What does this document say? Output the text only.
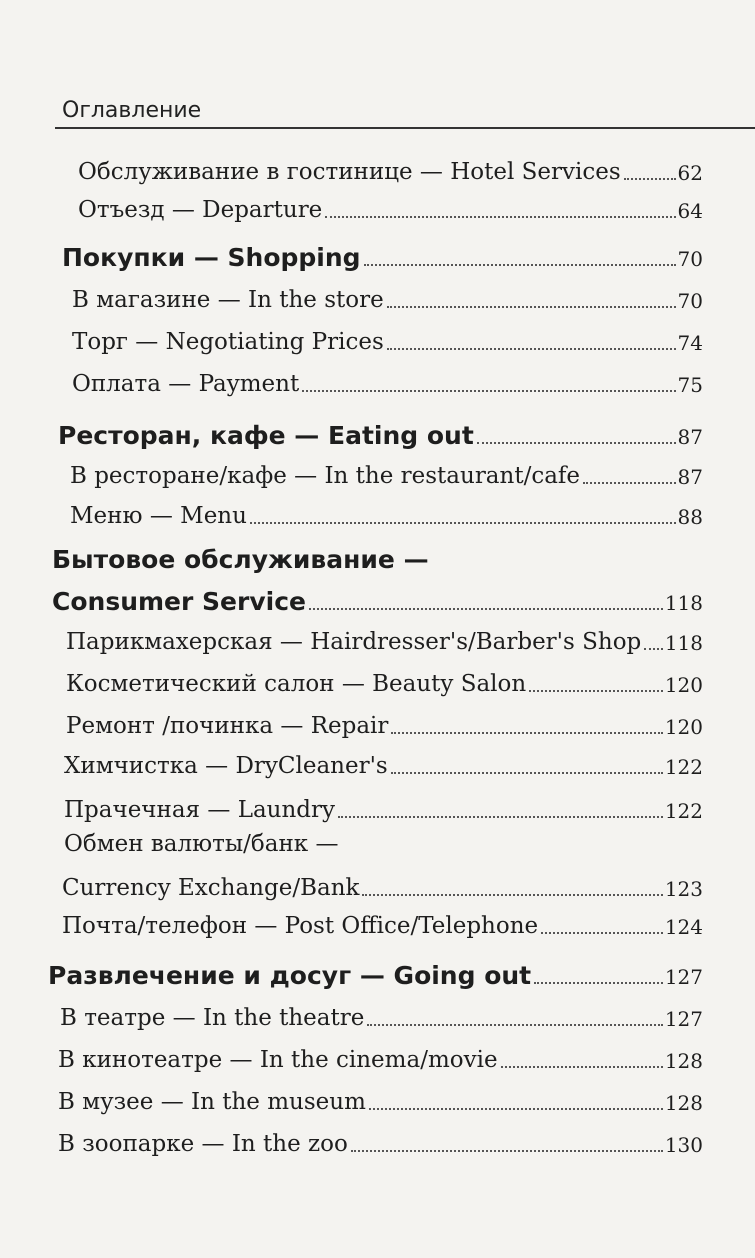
Оглавление
Обслуживание в гостинице — Hotel Services	62
Отъезд — Departure	64
Покупки — Shopping	70
В магазине — In the store	70
Торг — Negotiating Prices	74
Оплата — Payment	75
Ресторан, кафе — Eating out	87
В ресторане/кафе — In the restaurant/cafe	87
Меню — Menu	88
Бытовое обслуживание —
Consumer Service	118
Парикмахерская — Hairdresser's/Barber's Shop 118
Косметический салон — Beauty Salon	120
Ремонт /починка — Repair	120
Химчистка — DryCleaner's	122
Прачечная — Laundry	122
Обмен валюты/банк —
Currency Exchange/Bank	123
Почта/телефон — Post Office/Telephone	124
Развлечение и досуг — Going out	127
В театре — In the theatre	127
В кинотеатре — In the cinema/movie	128
В музее — In the museum	128
В зоопарке — In the zoo	130
